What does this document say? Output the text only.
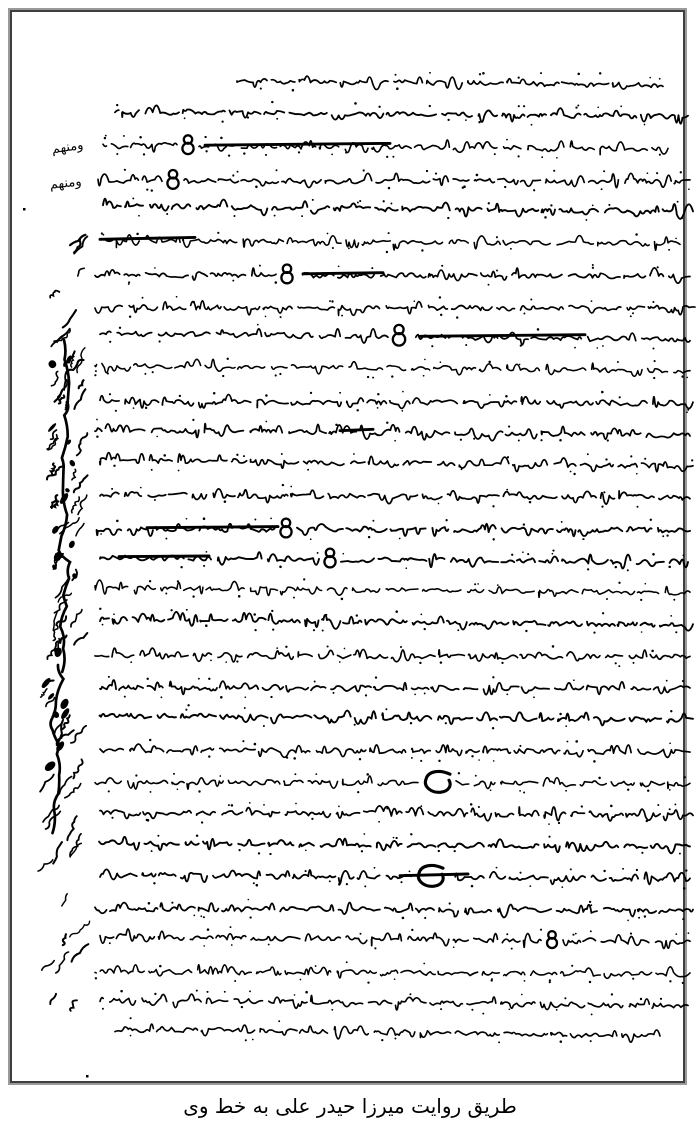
ومنهم
ومنهم
طريق روايت ميرزا حيدر على به خط وى
